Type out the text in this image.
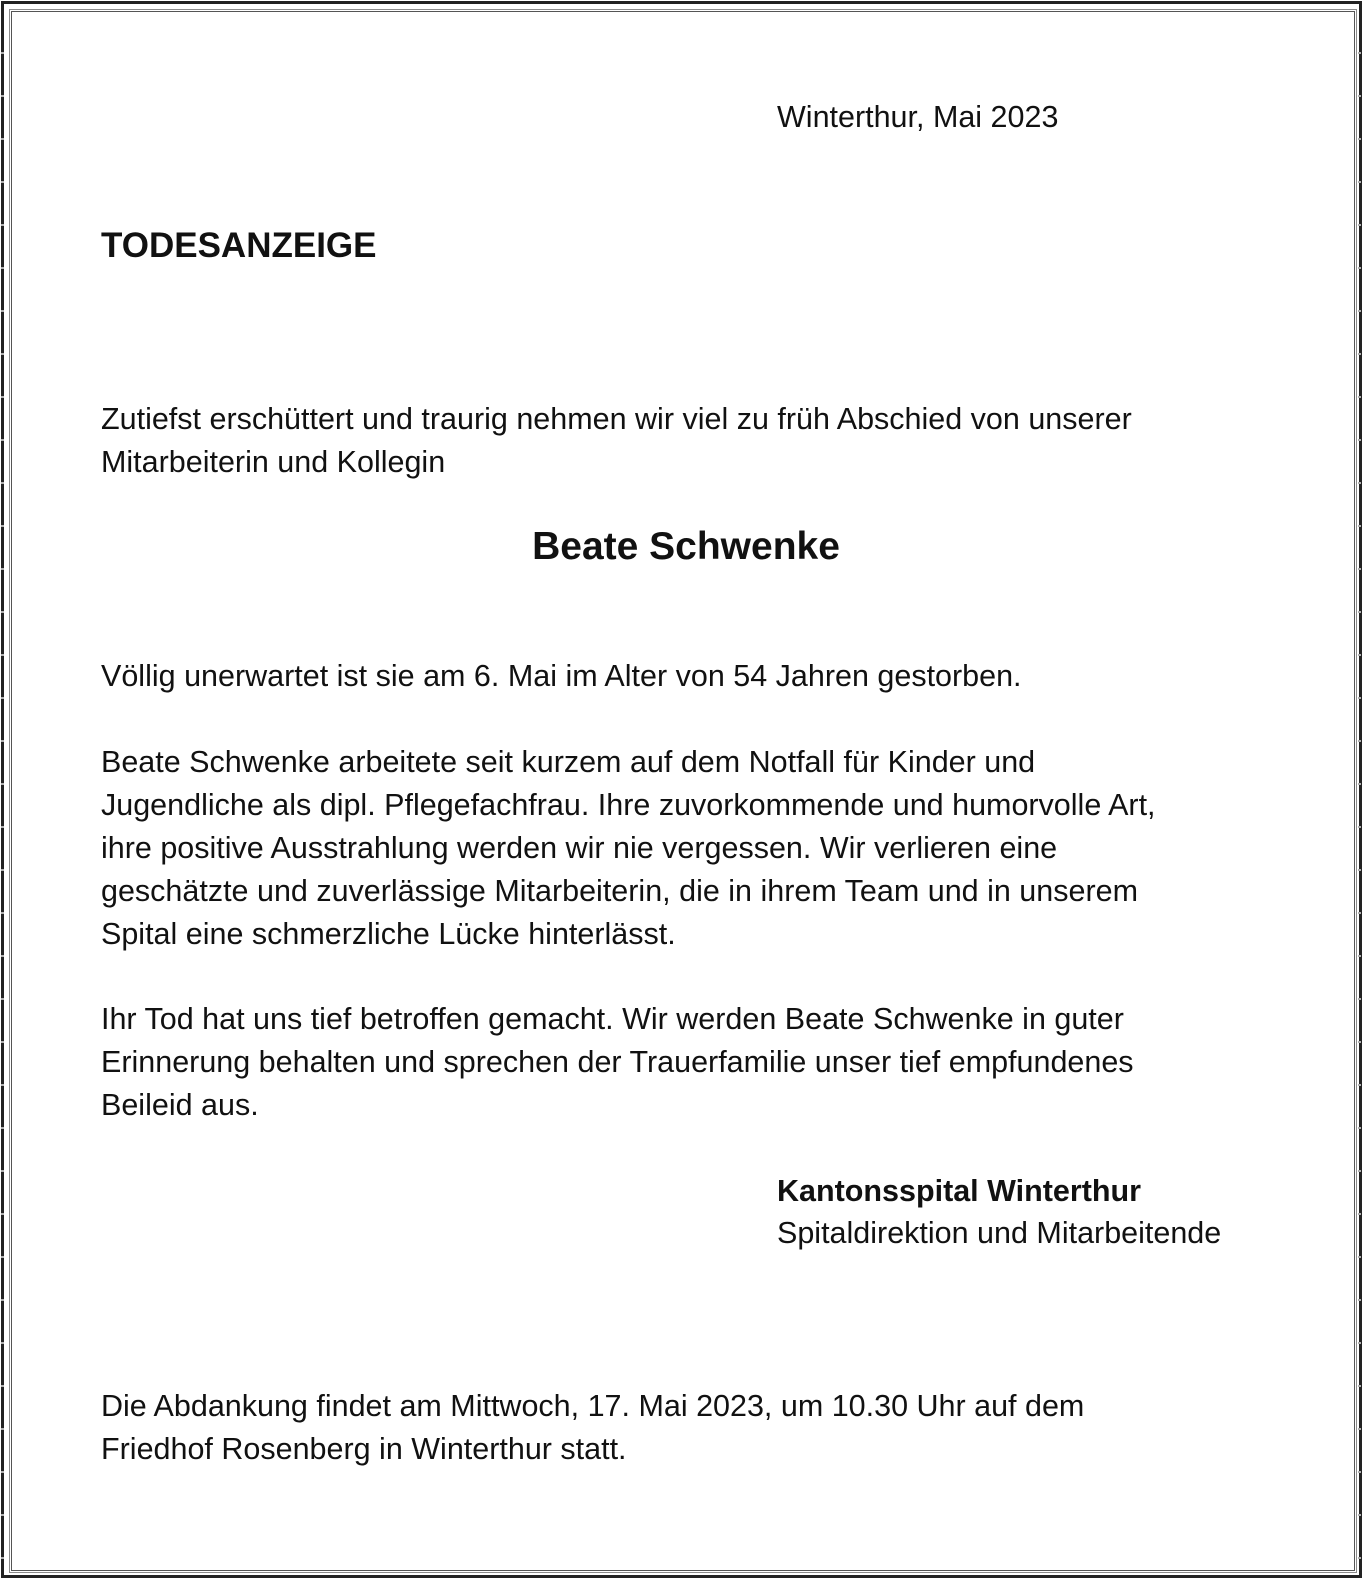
Winterthur, Mai 2023
TODESANZEIGE
Zutiefst erschüttert und traurig nehmen wir viel zu früh Abschied von unserer
Mitarbeiterin und Kollegin
Beate Schwenke
Völlig unerwartet ist sie am 6. Mai im Alter von 54 Jahren gestorben.
Beate Schwenke arbeitete seit kurzem auf dem Notfall für Kinder und
Jugendliche als dipl. Pflegefachfrau. Ihre zuvorkommende und humorvolle Art,
ihre positive Ausstrahlung werden wir nie vergessen. Wir verlieren eine
geschätzte und zuverlässige Mitarbeiterin, die in ihrem Team und in unserem
Spital eine schmerzliche Lücke hinterlässt.
Ihr Tod hat uns tief betroffen gemacht. Wir werden Beate Schwenke in guter
Erinnerung behalten und sprechen der Trauerfamilie unser tief empfundenes
Beileid aus.
Kantonsspital Winterthur
Spitaldirektion und Mitarbeitende
Die Abdankung findet am Mittwoch, 17. Mai 2023, um 10.30 Uhr auf dem
Friedhof Rosenberg in Winterthur statt.
